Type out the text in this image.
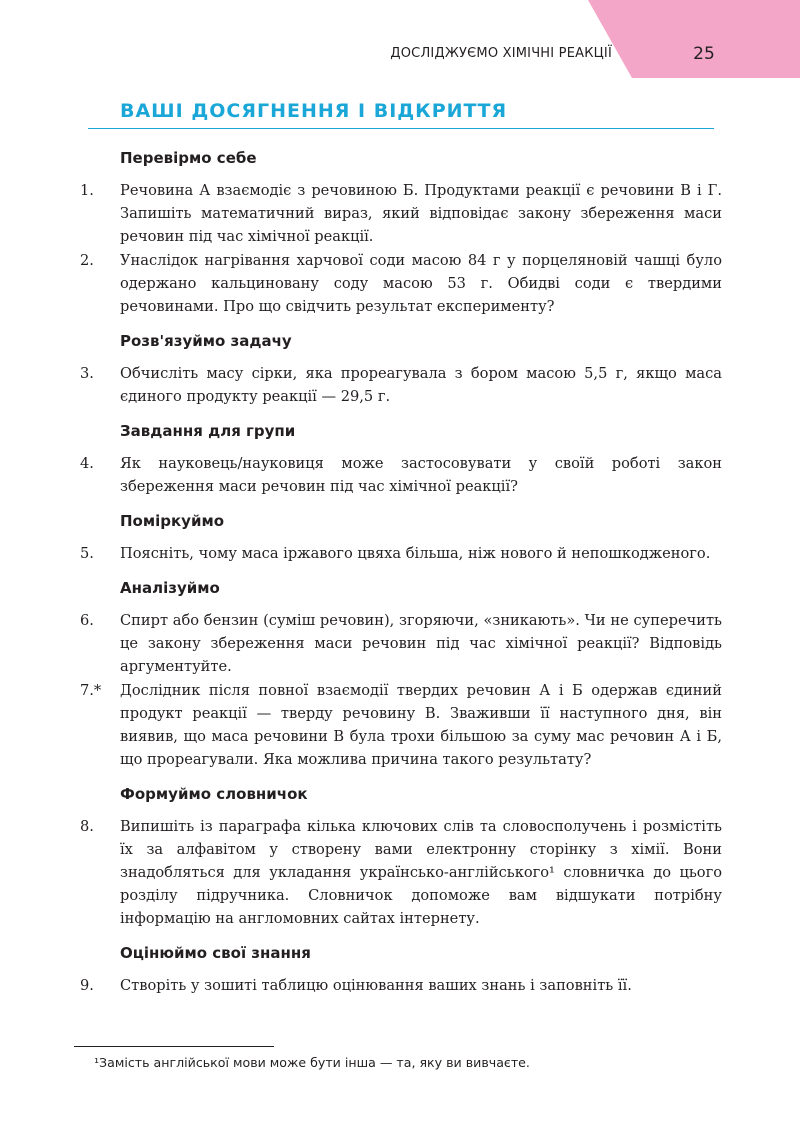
25
ДОСЛІДЖУЄМО ХІМІЧНІ РЕАКЦІЇ
ВАШІ ДОСЯГНЕННЯ І ВІДКРИТТЯ
Перевірмо себе
1.	Речовина А взаємодіє з речовиною Б. Продуктами реакції є речовини В і Г. Запишіть математичний вираз, який відповідає закону збереження маси речовин під час хімічної реакції.
2.	Унаслідок нагрівання харчової соди масою 84 г у порцеляновій чашці було одержано кальциновану соду масою 53 г. Обидві соди є твердими речовинами. Про що свідчить результат експерименту?
Розв'язуймо задачу
3.	Обчисліть масу сірки, яка прореагувала з бором масою 5,5 г, якщо маса єдиного продукту реакції — 29,5 г.
Завдання для групи
4.	Як науковець/науковиця може застосовувати у своїй роботі закон збереження маси речовин під час хімічної реакції?
Поміркуймо
5.	Поясніть, чому маса іржавого цвяха більша, ніж нового й непошкодженого.
Аналізуймо
6.	Спирт або бензин (суміш речовин), згоряючи, «зникають». Чи не суперечить це закону збереження маси речовин під час хімічної реакції? Відповідь аргументуйте.
7.*	Дослідник після повної взаємодії твердих речовин А і Б одержав єдиний продукт реакції — тверду речовину В. Зваживши її наступного дня, він виявив, що маса речовини В була трохи більшою за суму мас речовин А і Б, що прореагували. Яка можлива причина такого результату?
Формуймо словничок
8.	Випишіть із параграфа кілька ключових слів та словосполучень і розмістіть їх за алфавітом у створену вами електронну сторінку з хімії. Вони знадобляться для укладання українсько-англійського¹ словничка до цього розділу підручника. Словничок допоможе вам відшукати потрібну інформацію на англомовних сайтах інтернету.
Оцінюймо свої знання
9.	Створіть у зошиті таблицю оцінювання ваших знань і заповніть її.
¹Замість англійської мови може бути інша — та, яку ви вивчаєте.
